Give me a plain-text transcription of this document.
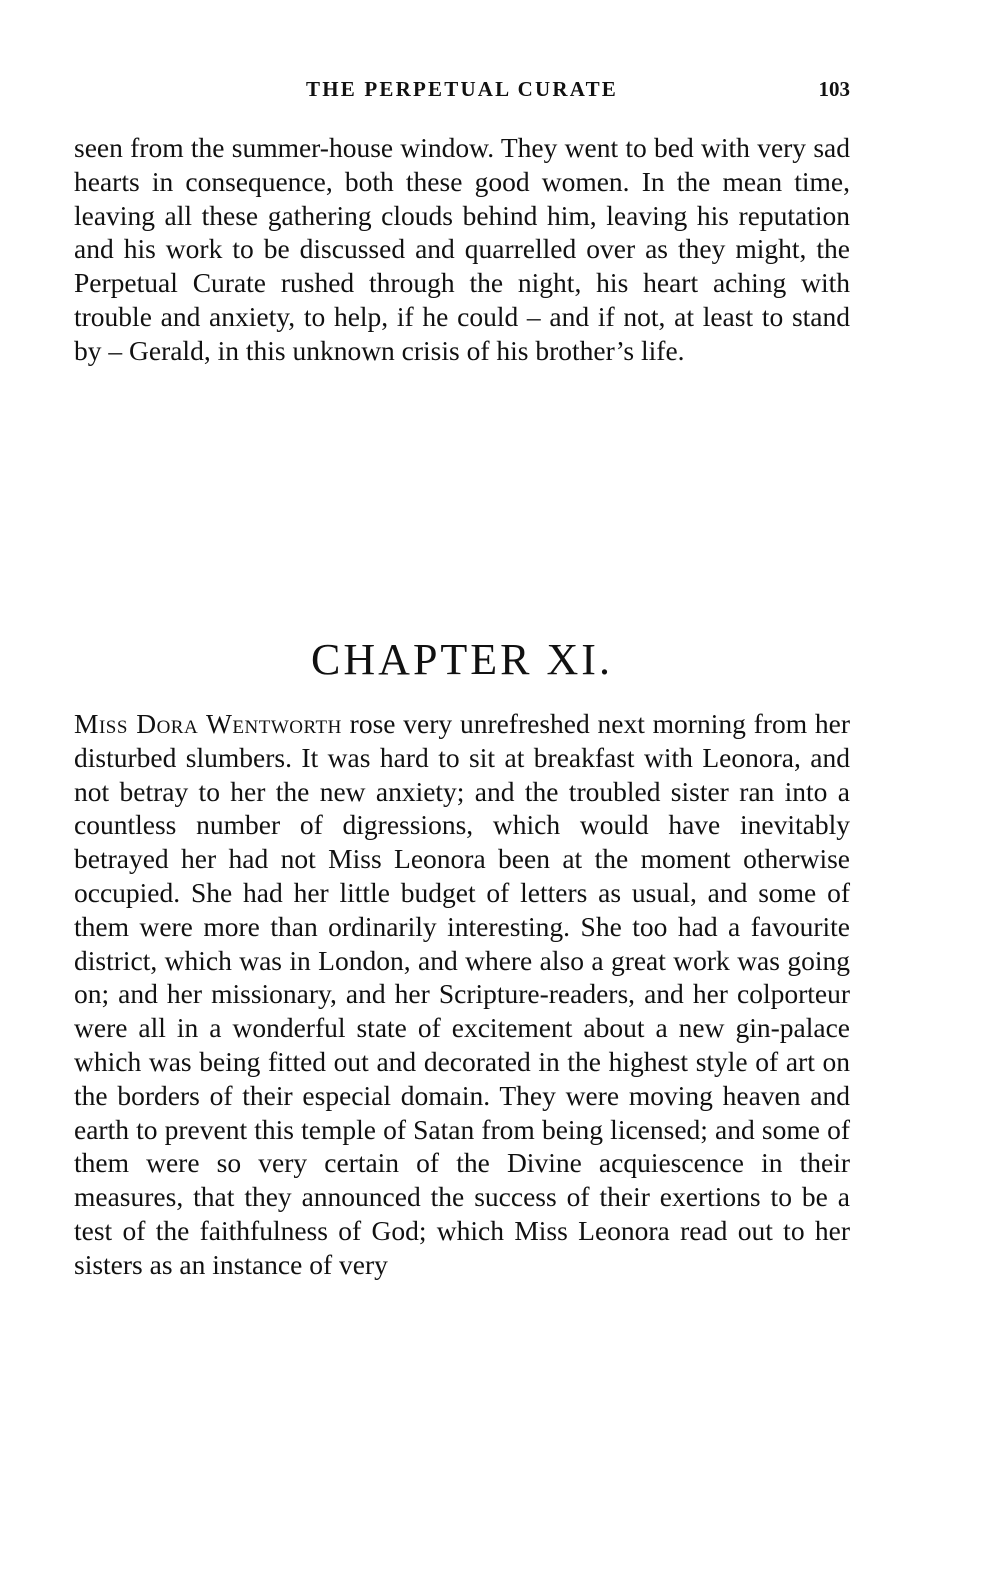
THE PERPETUAL CURATE	103

seen from the summer-house window. They went to bed with very sad hearts in consequence, both these good women. In the mean time, leaving all these gathering clouds behind him, leaving his reputation and his work to be discussed and quarrelled over as they might, the Perpetual Curate rushed through the night, his heart aching with trouble and anxiety, to help, if he could – and if not, at least to stand by – Gerald, in this unknown crisis of his brother’s life.

CHAPTER XI.

Miss Dora Wentworth rose very unrefreshed next morning from her disturbed slumbers. It was hard to sit at breakfast with Leonora, and not betray to her the new anxiety; and the troubled sister ran into a countless number of digressions, which would have inevitably betrayed her had not Miss Leonora been at the moment otherwise occupied. She had her little budget of letters as usual, and some of them were more than ordinarily interesting. She too had a favourite district, which was in London, and where also a great work was going on; and her missionary, and her Scripture-readers, and her colporteur were all in a wonderful state of excitement about a new gin-palace which was being fitted out and decorated in the highest style of art on the borders of their especial domain. They were moving heaven and earth to prevent this temple of Satan from being licensed; and some of them were so very certain of the Divine acquiescence in their measures, that they announced the success of their exertions to be a test of the faithfulness of God; which Miss Leonora read out to her sisters as an instance of very
